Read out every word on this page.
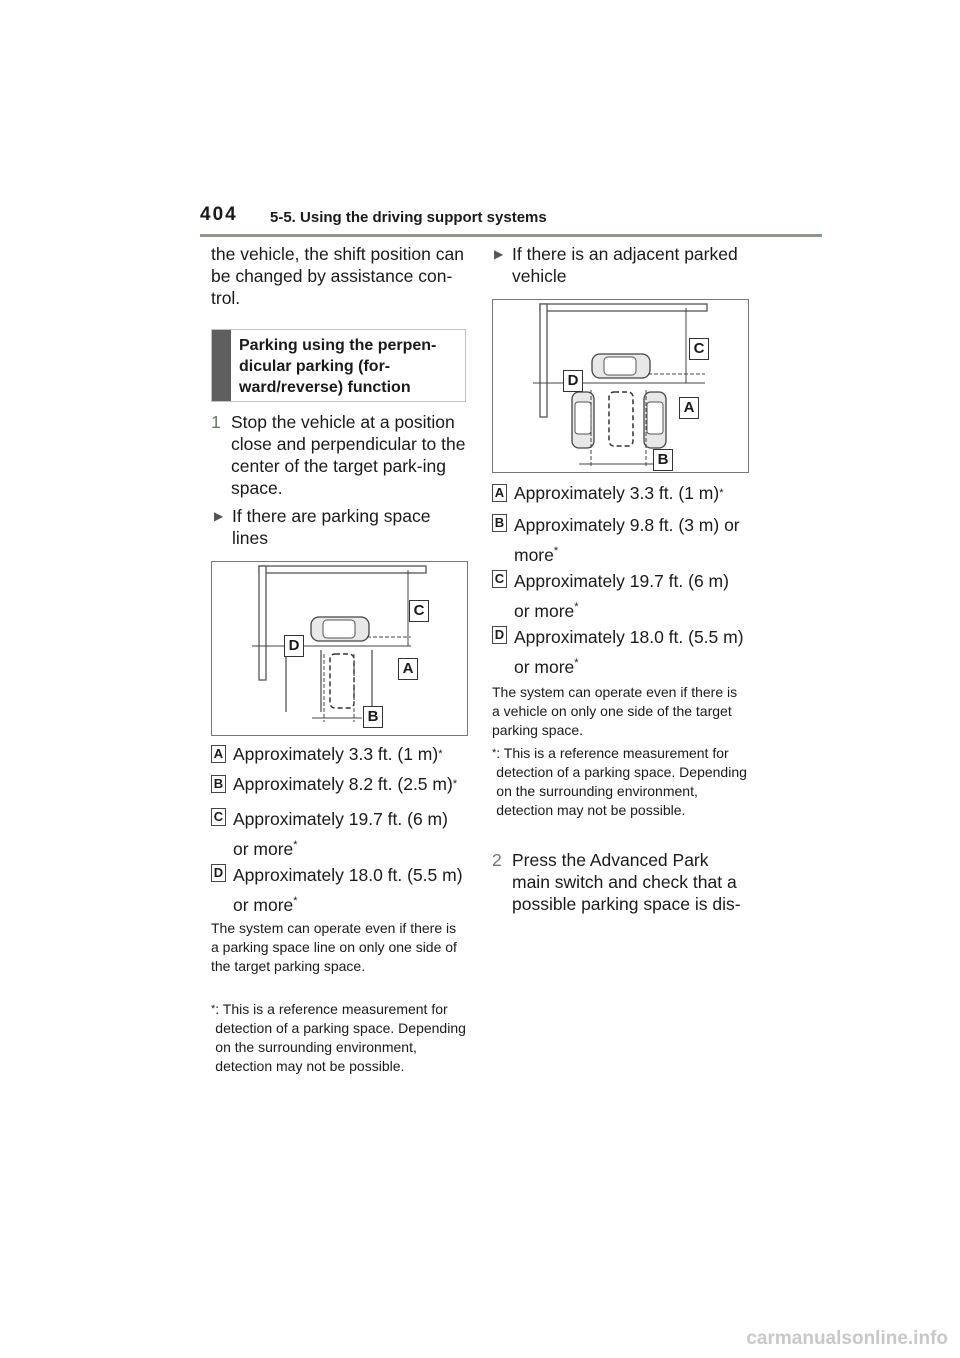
404 5-5. Using the driving support systems

the vehicle, the shift position can be changed by assistance con-trol.

Parking using the perpen-dicular parking (for-ward/reverse) function
1 Stop the vehicle at a position close and perpendicular to the center of the target park-ing space.

▶ If there are parking space lines
C
D
A
B
A Approximately 3.3 ft. (1 m) *
B Approximately 8.2 ft. (2.5 m) *
C Approximately 19.7 ft. (6 m) or more*
D Approximately 18.0 ft. (5.5 m) or more*

The system can operate even if there is a parking space line on only one side of the target parking space.

* : This is a reference measurement for detection of a parking space. Depending on the surrounding environment, detection may not be possible.
▶ If there is an adjacent parked vehicle
C
D
A
B
A Approximately 3.3 ft. (1 m) *
B Approximately 9.8 ft. (3 m) or more*
C Approximately 19.7 ft. (6 m) or more*
D Approximately 18.0 ft. (5.5 m) or more*

The system can operate even if there is a vehicle on only one side of the target parking space.

* : This is a reference measurement for detection of a parking space. Depending on the surrounding environment, detection may not be possible.
2 Press the Advanced Park main switch and check that a possible parking space is dis-

carmanualsonline.info
